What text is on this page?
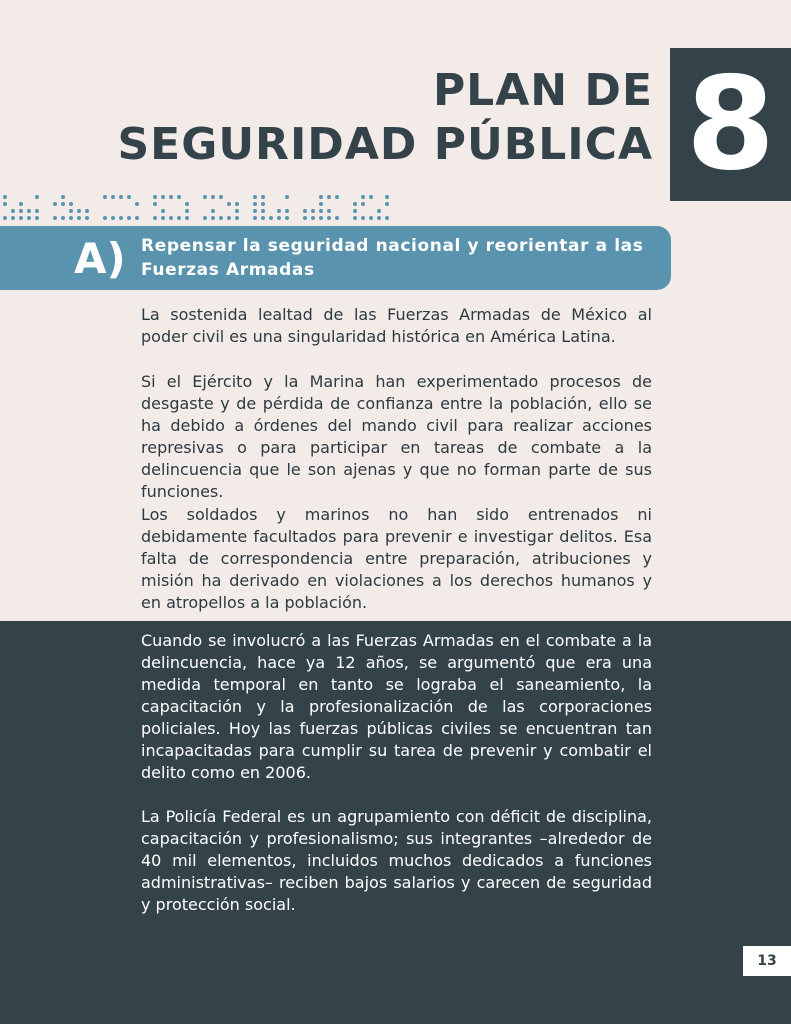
PLAN DE
SEGURIDAD PÚBLICA 8
A) Repensar la seguridad nacional y reorientar a las Fuerzas Armadas

La sostenida lealtad de las Fuerzas Armadas de México al poder civil es una singularidad histórica en América Latina.

Si el Ejército y la Marina han experimentado procesos de desgaste y de pérdida de confianza entre la población, ello se ha debido a órdenes del mando civil para realizar acciones represivas o para participar en tareas de combate a la delincuencia que le son ajenas y que no forman parte de sus funciones.

Los soldados y marinos no han sido entrenados ni debidamente facultados para prevenir e investigar delitos. Esa falta de correspondencia entre preparación, atribuciones y misión ha derivado en violaciones a los derechos humanos y en atropellos a la población.

Cuando se involucró a las Fuerzas Armadas en el combate a la delincuencia, hace ya 12 años, se argumentó que era una medida temporal en tanto se lograba el saneamiento, la capacitación y la profesionalización de las corporaciones policiales. Hoy las fuerzas públicas civiles se encuentran tan incapacitadas para cumplir su tarea de prevenir y combatir el delito como en 2006.

La Policía Federal es un agrupamiento con déficit de disciplina, capacitación y profesionalismo; sus integrantes –alrededor de 40 mil elementos, incluidos muchos dedicados a funciones administrativas– reciben bajos salarios y carecen de seguridad y protección social.

13
